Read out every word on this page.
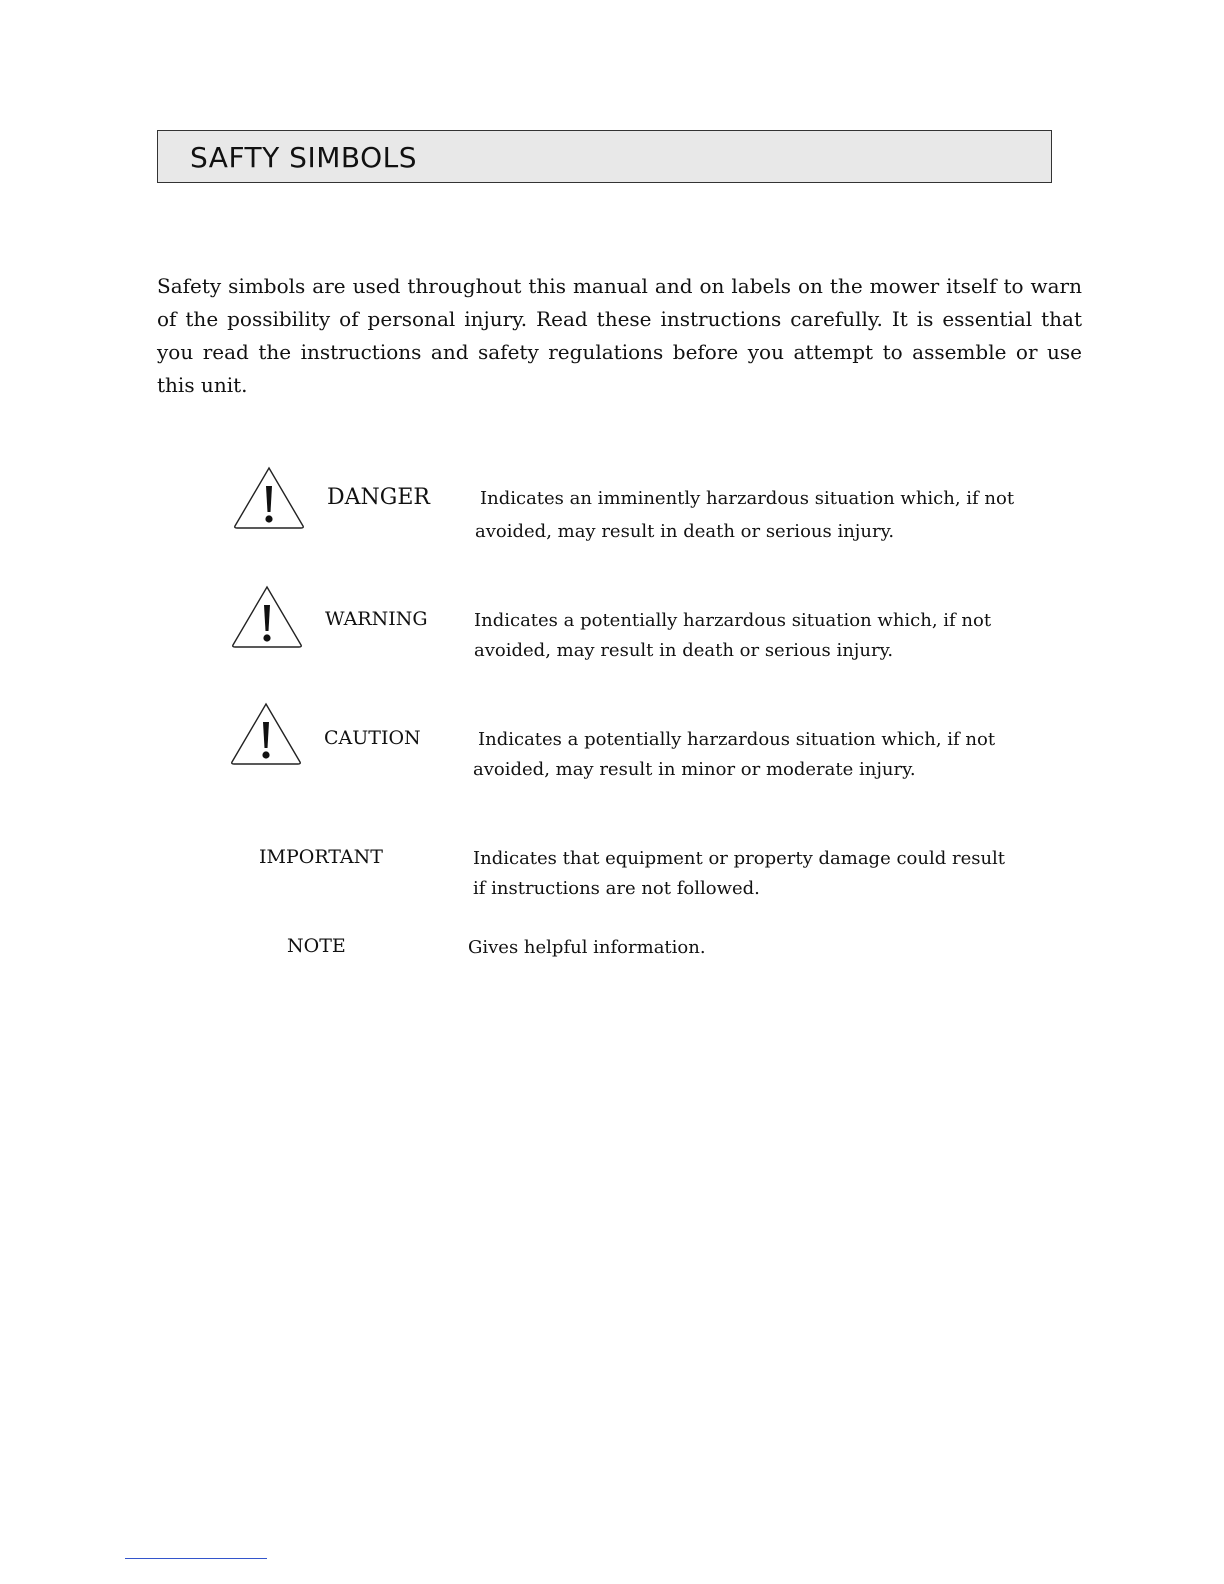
SAFTY SIMBOLS

Safety simbols are used throughout this manual and on labels on the mower itself to warn of the possibility of personal injury. Read these instructions carefully. It is essential that you read the instructions and safety regulations before you attempt to assemble or use this unit.

DANGER	Indicates an imminently harzardous situation which, if not

avoided, may result in death or serious injury.

WARNING	Indicates a potentially harzardous situation which, if not

avoided, may result in death or serious injury.

CAUTION	Indicates a potentially harzardous situation which, if not

avoided, may result in minor or moderate injury.

IMPORTANT	Indicates that equipment or property damage could result

if instructions are not followed.

NOTE	Gives helpful information.
